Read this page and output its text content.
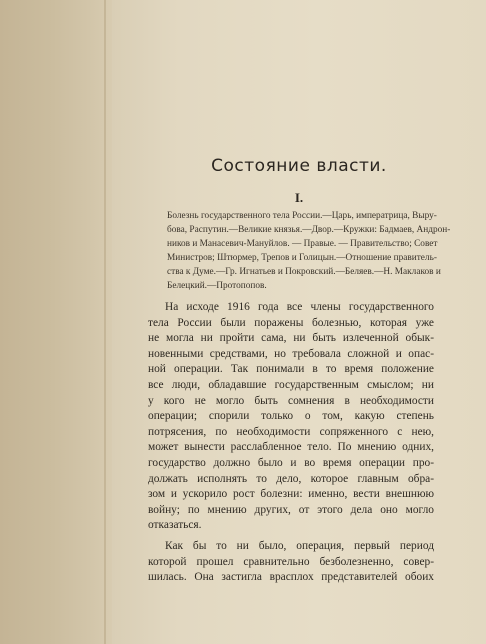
Состояние власти.
I.
Болезнь государственного тела России.—Царь, императрица, Выру-
бова, Распутин.—Великие князья.—Двор.—Кружки: Бадмаев, Андрон-
ников и Манасевич-Мануйлов. — Правые. — Правительство; Совет
Министров; Штюрмер, Трепов и Голицын.—Отношение правитель-
ства к Думе.—Гр. Игнатьев и Покровский.—Беляев.—Н. Маклаков и
Белецкий.—Протопопов.
На исходе 1916 года все члены государственного
тела России были поражены болезнью, которая уже
не могла ни пройти сама, ни быть излеченной обык-
новенными средствами, но требовала сложной и опас-
ной операции. Так понимали в то время положение
все люди, обладавшие государственным смыслом; ни
у кого не могло быть сомнения в необходимости
операции; спорили только о том, какую степень
потрясения, по необходимости сопряженного с нею,
может вынести расслабленное тело. По мнению одних,
государство должно было и во время операции про-
должать исполнять то дело, которое главным обра-
зом и ускорило рост болезни: именно, вести внешнюю
войну; по мнению других, от этого дела оно могло
отказаться.
Как бы то ни было, операция, первый период
которой прошел сравнительно безболезненно, совер-
шилась. Она застигла врасплох представителей обоих
